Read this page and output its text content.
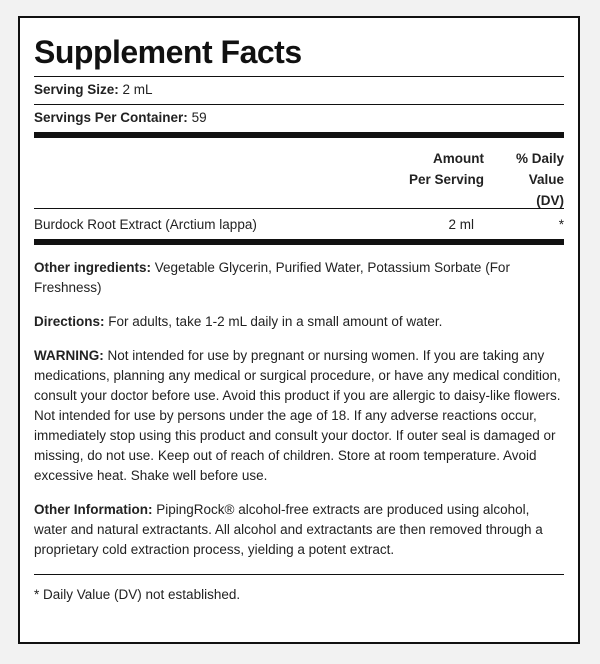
Supplement Facts
Serving Size: 2 mL
Servings Per Container: 59
Amount
Per Serving
% Daily
Value
(DV)
Burdock Root Extract (Arctium lappa)	2 ml	*

Other ingredients: Vegetable Glycerin, Purified Water, Potassium Sorbate (For Freshness)

Directions: For adults, take 1-2 mL daily in a small amount of water.

WARNING: Not intended for use by pregnant or nursing women. If you are taking any medications, planning any medical or surgical procedure, or have any medical condition, consult your doctor before use. Avoid this product if you are allergic to daisy-like flowers. Not intended for use by persons under the age of 18. If any adverse reactions occur, immediately stop using this product and consult your doctor. If outer seal is damaged or missing, do not use. Keep out of reach of children. Store at room temperature. Avoid excessive heat. Shake well before use.

Other Information: PipingRock® alcohol-free extracts are produced using alcohol, water and natural extractants. All alcohol and extractants are then removed through a proprietary cold extraction process, yielding a potent extract.

* Daily Value (DV) not established.
